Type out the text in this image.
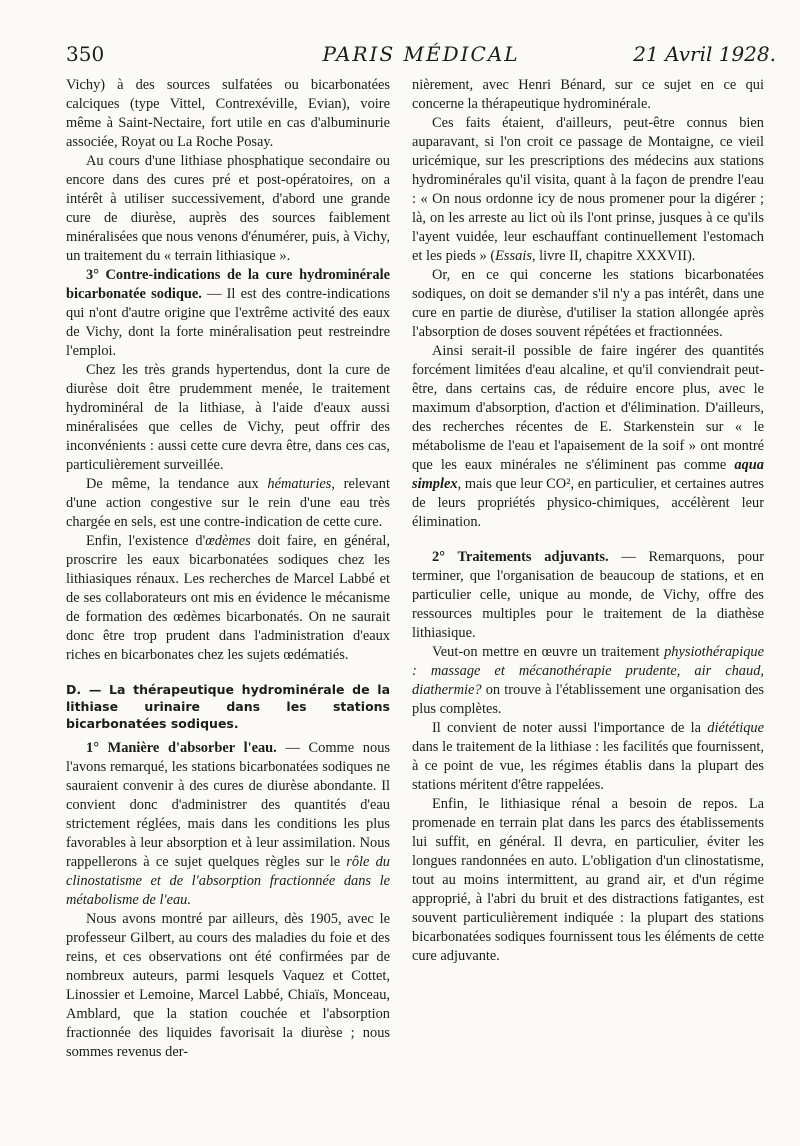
350	PARIS MÉDICAL	21 Avril 1928.

Vichy) à des sources sulfatées ou bicarbonatées calciques (type Vittel, Contrexéville, Evian), voire même à Saint-Nectaire, fort utile en cas d'albuminurie associée, Royat ou La Roche Posay.

Au cours d'une lithiase phosphatique secondaire ou encore dans des cures pré et post-opératoires, on a intérêt à utiliser successivement, d'abord une grande cure de diurèse, auprès des sources faiblement minéralisées que nous venons d'énumérer, puis, à Vichy, un traitement du « terrain lithiasique ».

3° Contre-indications de la cure hydrominérale bicarbonatée sodique. — Il est des contre-indications qui n'ont d'autre origine que l'extrême activité des eaux de Vichy, dont la forte minéralisation peut restreindre l'emploi.

Chez les très grands hypertendus, dont la cure de diurèse doit être prudemment menée, le traitement hydrominéral de la lithiase, à l'aide d'eaux aussi minéralisées que celles de Vichy, peut offrir des inconvénients : aussi cette cure devra être, dans ces cas, particulièrement surveillée.

De même, la tendance aux hématuries, relevant d'une action congestive sur le rein d'une eau très chargée en sels, est une contre-indication de cette cure.

Enfin, l'existence d'œdèmes doit faire, en général, proscrire les eaux bicarbonatées sodiques chez les lithiasiques rénaux. Les recherches de Marcel Labbé et de ses collaborateurs ont mis en évidence le mécanisme de formation des œdèmes bicarbonatés. On ne saurait donc être trop prudent dans l'administration d'eaux riches en bicarbonates chez les sujets œdématiés.

D. — La thérapeutique hydrominérale de la lithiase urinaire dans les stations bicarbonatées sodiques.

1° Manière d'absorber l'eau. — Comme nous l'avons remarqué, les stations bicarbonatées sodiques ne sauraient convenir à des cures de diurèse abondante. Il convient donc d'administrer des quantités d'eau strictement réglées, mais dans les conditions les plus favorables à leur absorption et à leur assimilation. Nous rappellerons à ce sujet quelques règles sur le rôle du clinostatisme et de l'absorption fractionnée dans le métabolisme de l'eau.

Nous avons montré par ailleurs, dès 1905, avec le professeur Gilbert, au cours des maladies du foie et des reins, et ces observations ont été confirmées par de nombreux auteurs, parmi lesquels Vaquez et Cottet, Linossier et Lemoine, Marcel Labbé, Chiaïs, Monceau, Amblard, que la station couchée et l'absorption fractionnée des liquides favorisait la diurèse ; nous sommes revenus der-

nièrement, avec Henri Bénard, sur ce sujet en ce qui concerne la thérapeutique hydrominérale.

Ces faits étaient, d'ailleurs, peut-être connus bien auparavant, si l'on croit ce passage de Montaigne, ce vieil uricémique, sur les prescriptions des médecins aux stations hydrominérales qu'il visita, quant à la façon de prendre l'eau : « On nous ordonne icy de nous promener pour la digérer ; là, on les arreste au lict où ils l'ont prinse, jusques à ce qu'ils l'ayent vuidée, leur eschauffant continuellement l'estomach et les pieds » (Essais, livre II, chapitre XXXVII).

Or, en ce qui concerne les stations bicarbonatées sodiques, on doit se demander s'il n'y a pas intérêt, dans une cure en partie de diurèse, d'utiliser la station allongée après l'absorption de doses souvent répétées et fractionnées.

Ainsi serait-il possible de faire ingérer des quantités forcément limitées d'eau alcaline, et qu'il conviendrait peut-être, dans certains cas, de réduire encore plus, avec le maximum d'absorption, d'action et d'élimination. D'ailleurs, des recherches récentes de E. Starkenstein sur « le métabolisme de l'eau et l'apaisement de la soif » ont montré que les eaux minérales ne s'éliminent pas comme aqua simplex, mais que leur CO², en particulier, et certaines autres de leurs propriétés physico-chimiques, accélèrent leur élimination.

2° Traitements adjuvants. — Remarquons, pour terminer, que l'organisation de beaucoup de stations, et en particulier celle, unique au monde, de Vichy, offre des ressources multiples pour le traitement de la diathèse lithiasique.

Veut-on mettre en œuvre un traitement physiothérapique : massage et mécanothérapie prudente, air chaud, diathermie? on trouve à l'établissement une organisation des plus complètes.

Il convient de noter aussi l'importance de la diététique dans le traitement de la lithiase : les facilités que fournissent, à ce point de vue, les régimes établis dans la plupart des stations méritent d'être rappelées.

Enfin, le lithiasique rénal a besoin de repos. La promenade en terrain plat dans les parcs des établissements lui suffit, en général. Il devra, en particulier, éviter les longues randonnées en auto. L'obligation d'un clinostatisme, tout au moins intermittent, au grand air, et d'un régime approprié, à l'abri du bruit et des distractions fatigantes, est souvent particulièrement indiquée : la plupart des stations bicarbonatées sodiques fournissent tous les éléments de cette cure adjuvante.
